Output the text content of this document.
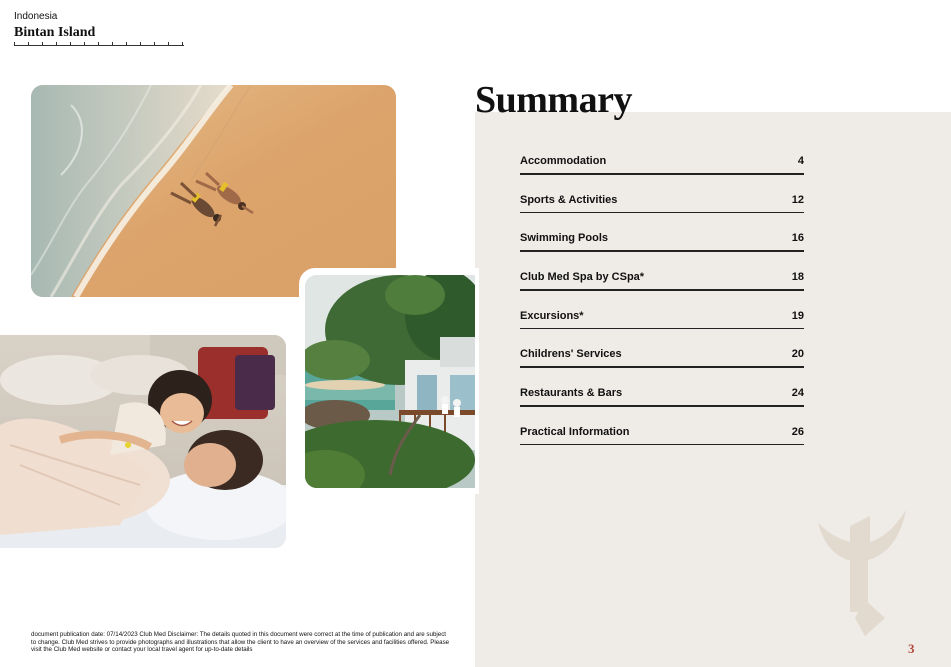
Indonesia
Bintan Island
Summary
Accommodation	4
Sports & Activities	12
Swimming Pools	16
Club Med Spa by CSpa*	18
Excursions*	19
Childrens' Services	20
Restaurants & Bars	24
Practical Information	26
document publication date: 07/14/2023 Club Med Disclaimer: The details quoted in this document were correct at the time of publication and are subject to change. Club Med strives to provide photographs and illustrations that allow the client to have an overview of the services and facilities offered. Please visit the Club Med website or contact your local travel agent for up-to-date details	3
